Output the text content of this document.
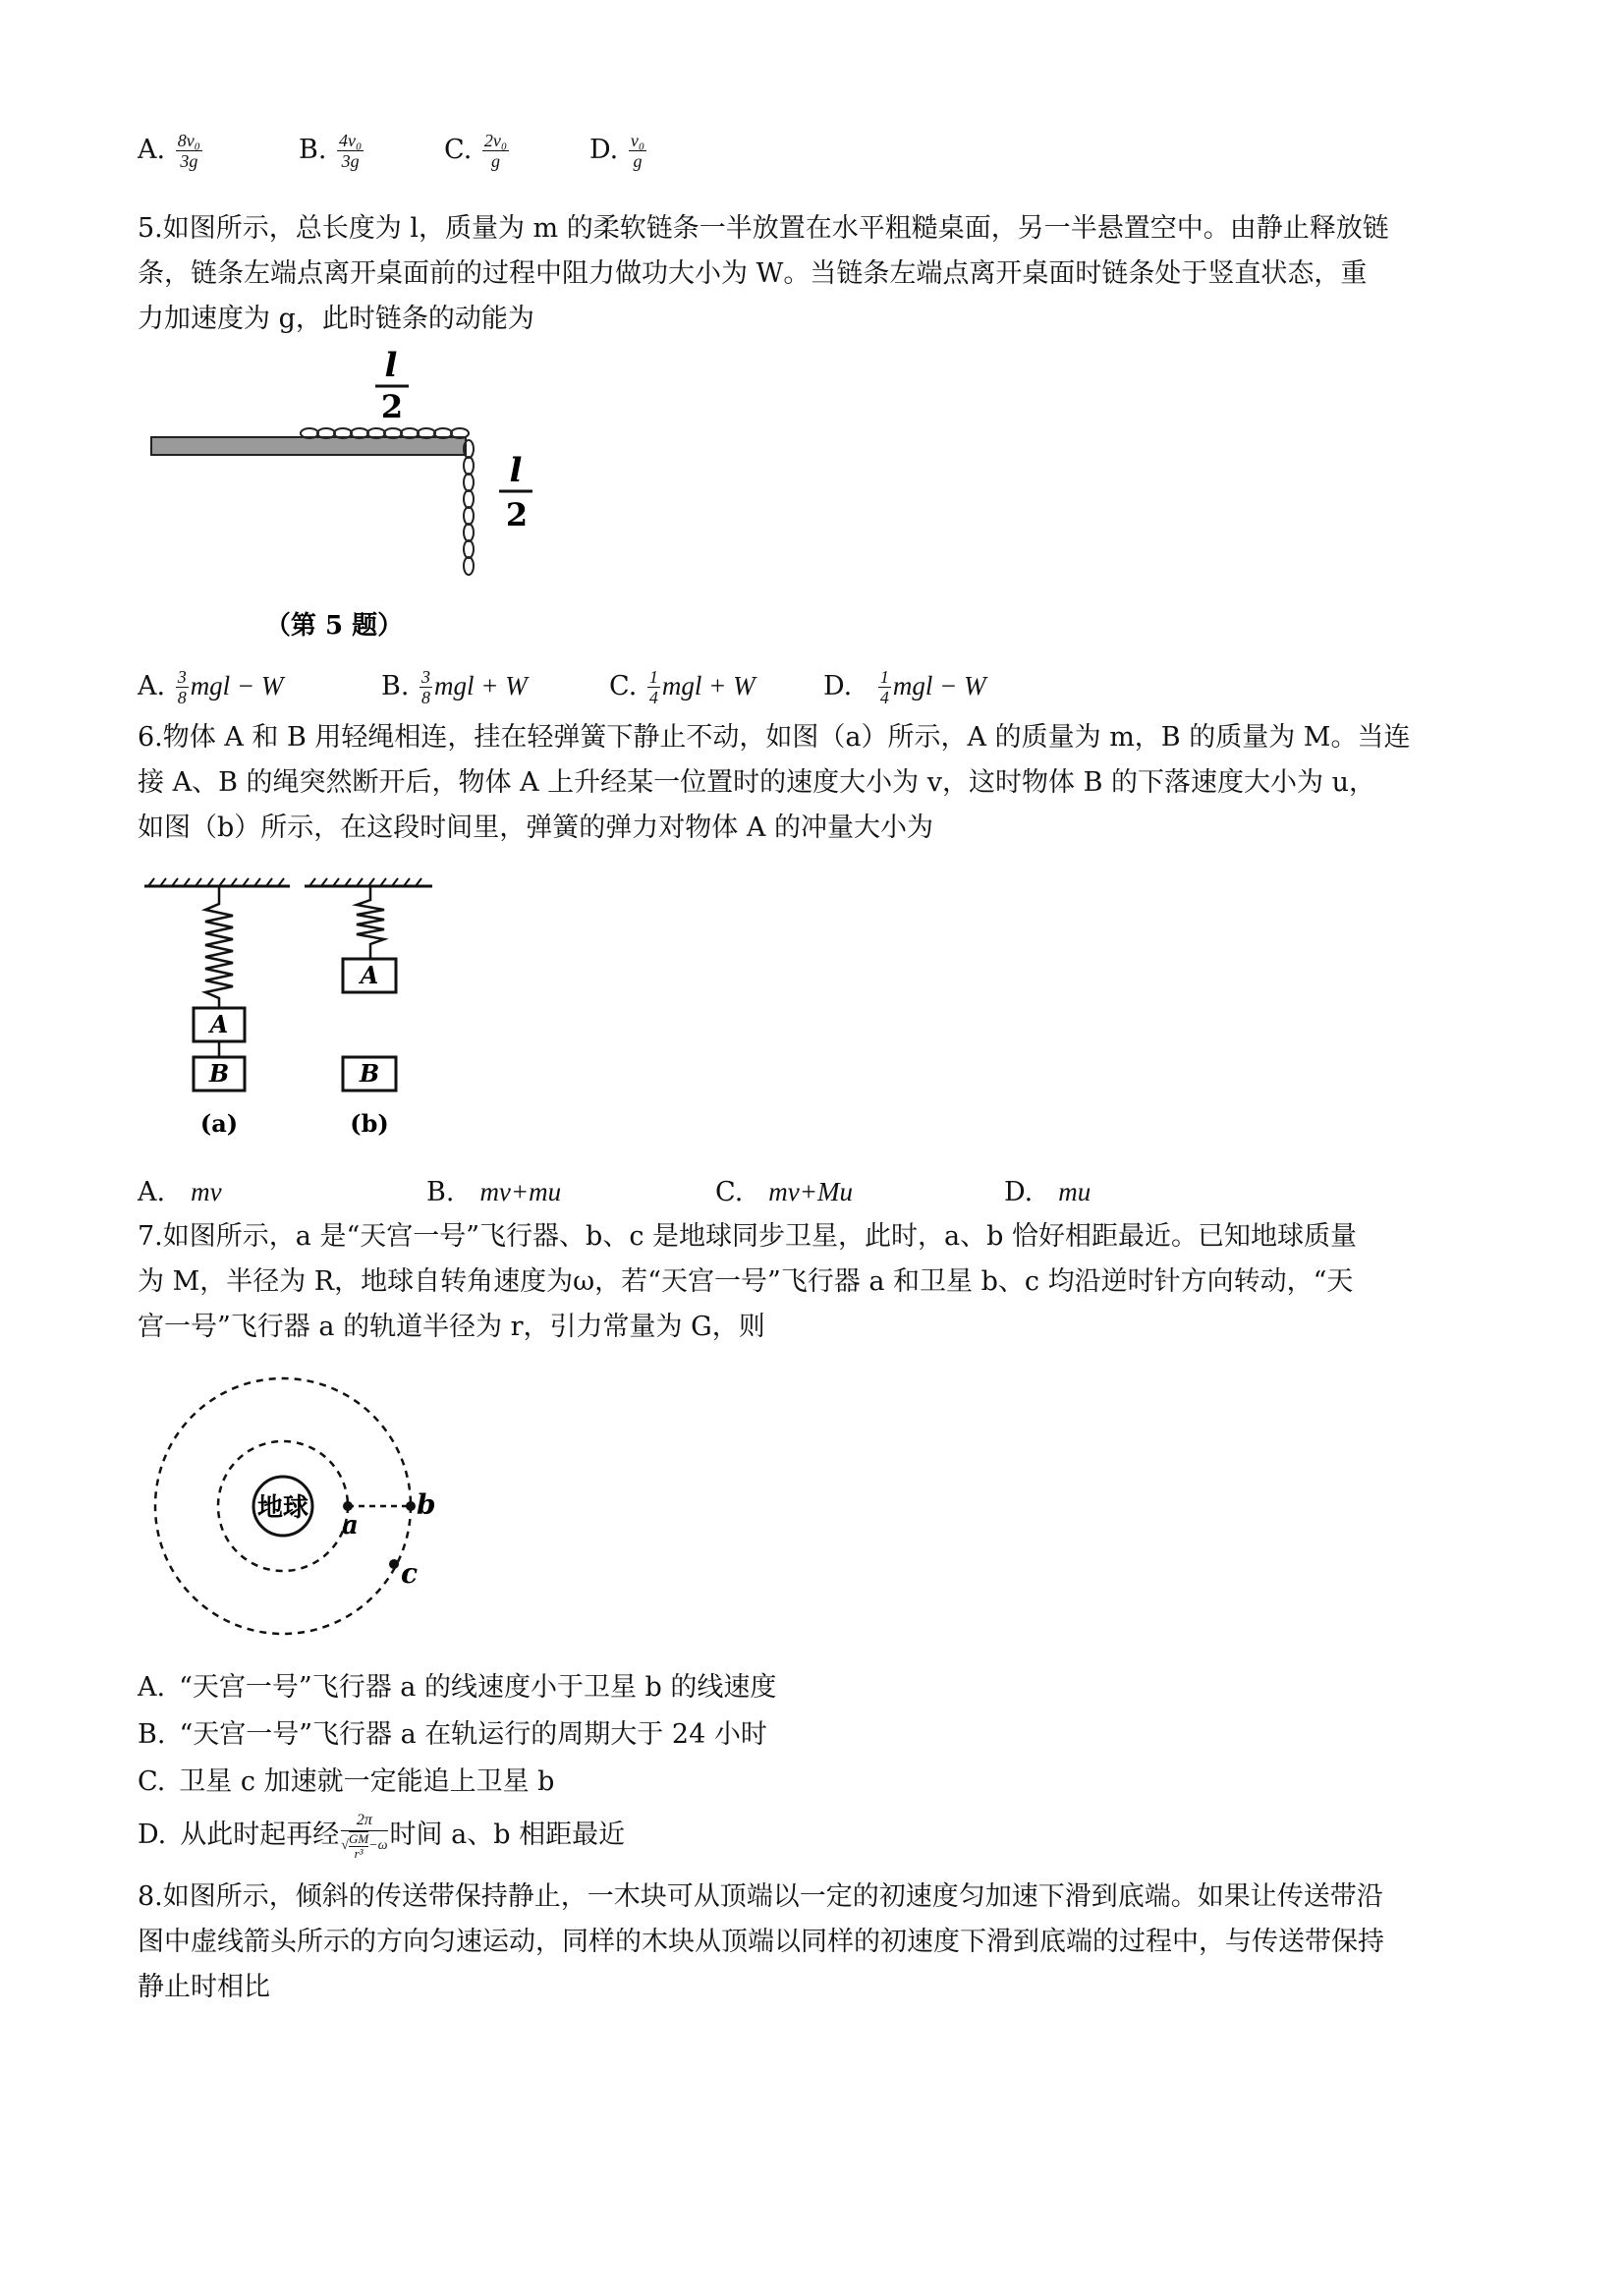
A. $\frac{\text{8v₀}}{3g}$	B. $\frac{\text{4v₀}}{3g}$	C. $\frac{\text{2v₀}}{g}$	D. $\frac{\text{v₀}}{g}$
5.如图所示，总长度为 l，质量为 m 的柔软链条一半放置在水平粗糙桌面，另一半悬置空中。由静止释放链
条，链条左端点离开桌面前的过程中阻力做功大小为 W。当链条左端点离开桌面时链条处于竖直状态，重
力加速度为 g，此时链条的动能为
l
2
l
2
（第 5 题）
A. $\frac{3}{8}$ mgl − W	B. $\frac{3}{8}$ mgl + W	C. $\frac{1}{4}$ mgl + W	D. $\frac{1}{4}$ mgl − W
6.物体 A 和 B 用轻绳相连，挂在轻弹簧下静止不动，如图（a）所示，A 的质量为 m，B 的质量为 M。当连
接 A、B 的绳突然断开后，物体 A 上升经某一位置时的速度大小为 v，这时物体 B 的下落速度大小为 u，
如图（b）所示，在这段时间里，弹簧的弹力对物体 A 的冲量大小为
A
B
A
B
(a)	(b)
A. mv	B. mv+mu	C. mv+Mu	D. mu
7.如图所示，a 是“天宫一号”飞行器、b、c 是地球同步卫星，此时，a、b 恰好相距最近。已知地球质量
为 M，半径为 R，地球自转角速度为ω，若“天宫一号”飞行器 a 和卫星 b、c 均沿逆时针方向转动，“天
宫一号”飞行器 a 的轨道半径为 r，引力常量为 G，则
地球
a
b
c
A. “天宫一号”飞行器 a 的线速度小于卫星 b 的线速度
B. “天宫一号”飞行器 a 在轨运行的周期大于 24 小时
C. 卫星 c 加速就一定能追上卫星 b
D. 从此时起再经 $\frac{2\pi}{√ \frac{GM}{\text{r³}} -\omega}$ 时间 a、b 相距最近
8.如图所示，倾斜的传送带保持静止，一木块可从顶端以一定的初速度匀加速下滑到底端。如果让传送带沿
图中虚线箭头所示的方向匀速运动，同样的木块从顶端以同样的初速度下滑到底端的过程中，与传送带保持
静止时相比
